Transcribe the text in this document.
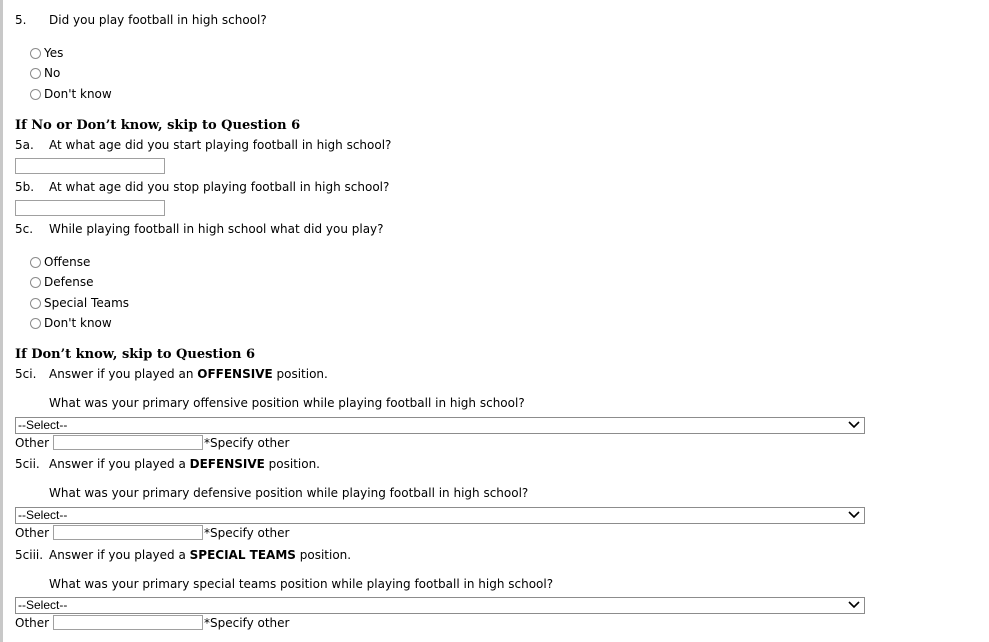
5. Did you play football in high school?
Yes
No
Don't know
If No or Don’t know, skip to Question 6
5a. At what age did you start playing football in high school?
5b. At what age did you stop playing football in high school?
5c. While playing football in high school what did you play?
Offense
Defense
Special Teams
Don't know
If Don’t know, skip to Question 6
5ci. Answer if you played an OFFENSIVE position.
What was your primary offensive position while playing football in high school?
--Select--
Other	*Specify other
5cii. Answer if you played a DEFENSIVE position.
What was your primary defensive position while playing football in high school?
--Select--
Other	*Specify other
5ciii. Answer if you played a SPECIAL TEAMS position.
What was your primary special teams position while playing football in high school?
--Select--
Other	*Specify other
